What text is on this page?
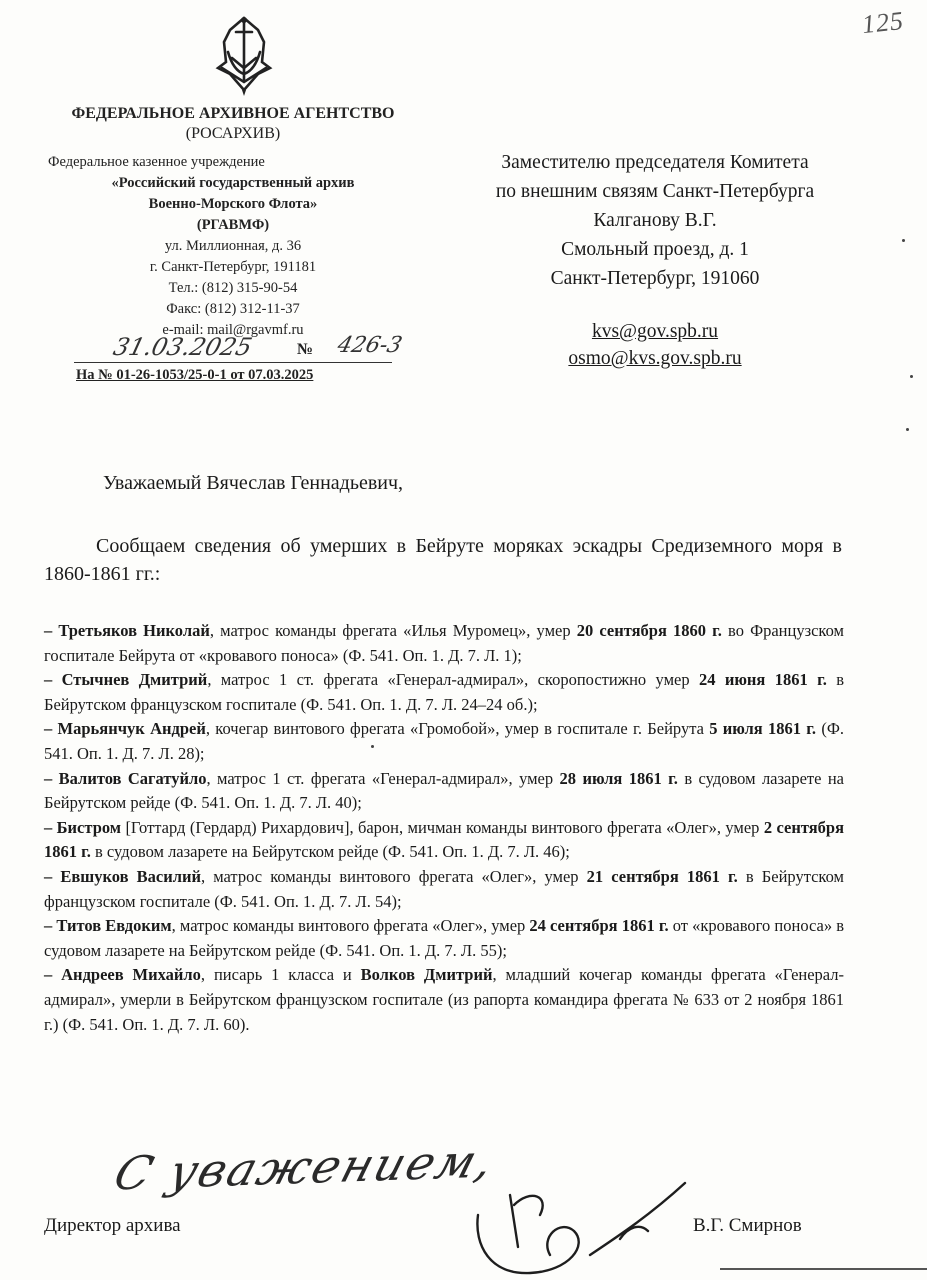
125
ФЕДЕРАЛЬНОЕ АРХИВНОЕ АГЕНТСТВО
(РОСАРХИВ)
Федеральное казенное учреждение
«Российский государственный архив
Военно-Морского Флота»
(РГАВМФ)
ул. Миллионная, д. 36
г. Санкт-Петербург, 191181
Тел.: (812) 315-90-54
Факс: (812) 312-11-37
e-mail: mail@rgavmf.ru
31.03.2025	№ 426-3
На № 01-26-1053/25-0-1 от 07.03.2025
Заместителю председателя Комитета
по внешним связям Санкт-Петербурга
Калганову В.Г.
Смольный проезд, д. 1
Санкт-Петербург, 191060
kvs@gov.spb.ru
osmo@kvs.gov.spb.ru
Уважаемый Вячеслав Геннадьевич,
Сообщаем сведения об умерших в Бейруте моряках эскадры Средиземного моря в 1860-1861 гг.:

– Третьяков Николай, матрос команды фрегата «Илья Муромец», умер 20 сентября 1860 г. во Французском госпитале Бейрута от «кровавого поноса» (Ф. 541. Оп. 1. Д. 7. Л. 1);

– Стычнев Дмитрий, матрос 1 ст. фрегата «Генерал-адмирал», скоропостижно умер 24 июня 1861 г. в Бейрутском французском госпитале (Ф. 541. Оп. 1. Д. 7. Л. 24–24 об.);

– Марьянчук Андрей, кочегар винтового фрегата «Громобой», умер в госпитале г. Бейрута 5 июля 1861 г. (Ф. 541. Оп. 1. Д. 7. Л. 28);

– Валитов Сагатуйло, матрос 1 ст. фрегата «Генерал-адмирал», умер 28 июля 1861 г. в судовом лазарете на Бейрутском рейде (Ф. 541. Оп. 1. Д. 7. Л. 40);

– Бистром [Готтард (Гердард) Рихардович], барон, мичман команды винтового фрегата «Олег», умер 2 сентября 1861 г. в судовом лазарете на Бейрутском рейде (Ф. 541. Оп. 1. Д. 7. Л. 46);

– Евшуков Василий, матрос команды винтового фрегата «Олег», умер 21 сентября 1861 г. в Бейрутском французском госпитале (Ф. 541. Оп. 1. Д. 7. Л. 54);

– Титов Евдоким, матрос команды винтового фрегата «Олег», умер 24 сентября 1861 г. от «кровавого поноса» в судовом лазарете на Бейрутском рейде (Ф. 541. Оп. 1. Д. 7. Л. 55);

– Андреев Михайло, писарь 1 класса и Волков Дмитрий, младший кочегар команды фрегата «Генерал-адмирал», умерли в Бейрутском французском госпитале (из рапорта командира фрегата № 633 от 2 ноября 1861 г.) (Ф. 541. Оп. 1. Д. 7. Л. 60).

С уважением,
Директор архива	В.Г. Смирнов
